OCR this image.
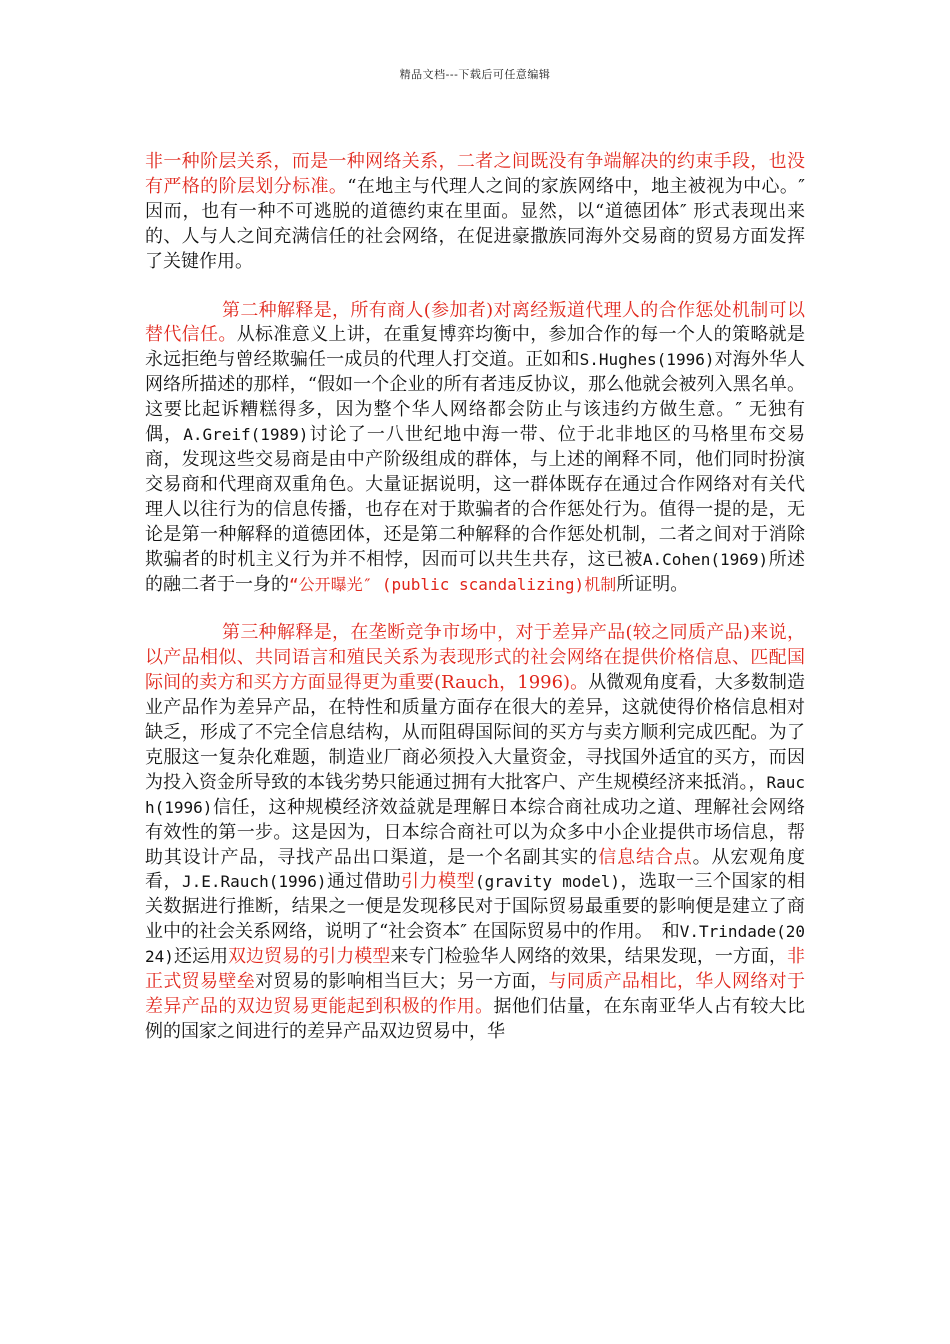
精品文档---下载后可任意编辑

非一种阶层关系，而是一种网络关系，二者之间既没有争端解决的约束手段，也没有严格的阶层划分标准。“在地主与代理人之间的家族网络中，地主被视为中心。″ 因而，也有一种不可逃脱的道德约束在里面。显然，以“道德团体″ 形式表现出来的、人与人之间充满信任的社会网络，在促进豪撒族同海外交易商的贸易方面发挥了关键作用。

第二种解释是，所有商人(参加者)对离经叛道代理人的合作惩处机制可以替代信任。从标准意义上讲，在重复博弈均衡中，参加合作的每一个人的策略就是永远拒绝与曾经欺骗任一成员的代理人打交道。正如和S.Hughes(1996)对海外华人网络所描述的那样，“假如一个企业的所有者违反协议，那么他就会被列入黑名单。这要比起诉糟糕得多，因为整个华人网络都会防止与该违约方做生意。″ 无独有偶，A.Greif(1989)讨论了一八世纪地中海一带、位于北非地区的马格里布交易商，发现这些交易商是由中产阶级组成的群体，与上述的阐释不同，他们同时扮演交易商和代理商双重角色。大量证据说明，这一群体既存在通过合作网络对有关代理人以往行为的信息传播，也存在对于欺骗者的合作惩处行为。值得一提的是，无论是第一种解释的道德团体，还是第二种解释的合作惩处机制，二者之间对于消除欺骗者的时机主义行为并不相悖，因而可以共生共存，这已被A.Cohen(1969)所述的融二者于一身的“公开曝光″ (public scandalizing)机制所证明。

第三种解释是，在垄断竞争市场中，对于差异产品(较之同质产品)来说，以产品相似、共同语言和殖民关系为表现形式的社会网络在提供价格信息、匹配国际间的卖方和买方方面显得更为重要(Rauch，1996)。从微观角度看，大多数制造业产品作为差异产品，在特性和质量方面存在很大的差异，这就使得价格信息相对缺乏，形成了不完全信息结构，从而阻碍国际间的买方与卖方顺利完成匹配。为了克服这一复杂化难题，制造业厂商必须投入大量资金，寻找国外适宜的买方，而因为投入资金所导致的本钱劣势只能通过拥有大批客户、产生规模经济来抵消。，Rauch(1996)信任，这种规模经济效益就是理解日本综合商社成功之道、理解社会网络有效性的第一步。这是因为，日本综合商社可以为众多中小企业提供市场信息，帮助其设计产品，寻找产品出口渠道，是一个名副其实的信息结合点。从宏观角度看，J.E.Rauch(1996)通过借助引力模型(gravity model)，选取一三个国家的相关数据进行推断，结果之一便是发现移民对于国际贸易最重要的影响便是建立了商业中的社会关系网络，说明了“社会资本″ 在国际贸易中的作用。　和V.Trindade(2024)还运用双边贸易的引力模型来专门检验华人网络的效果，结果发现，一方面，非正式贸易壁垒对贸易的影响相当巨大；另一方面，与同质产品相比，华人网络对于差异产品的双边贸易更能起到积极的作用。据他们估量，在东南亚华人占有较大比例的国家之间进行的差异产品双边贸易中，华
